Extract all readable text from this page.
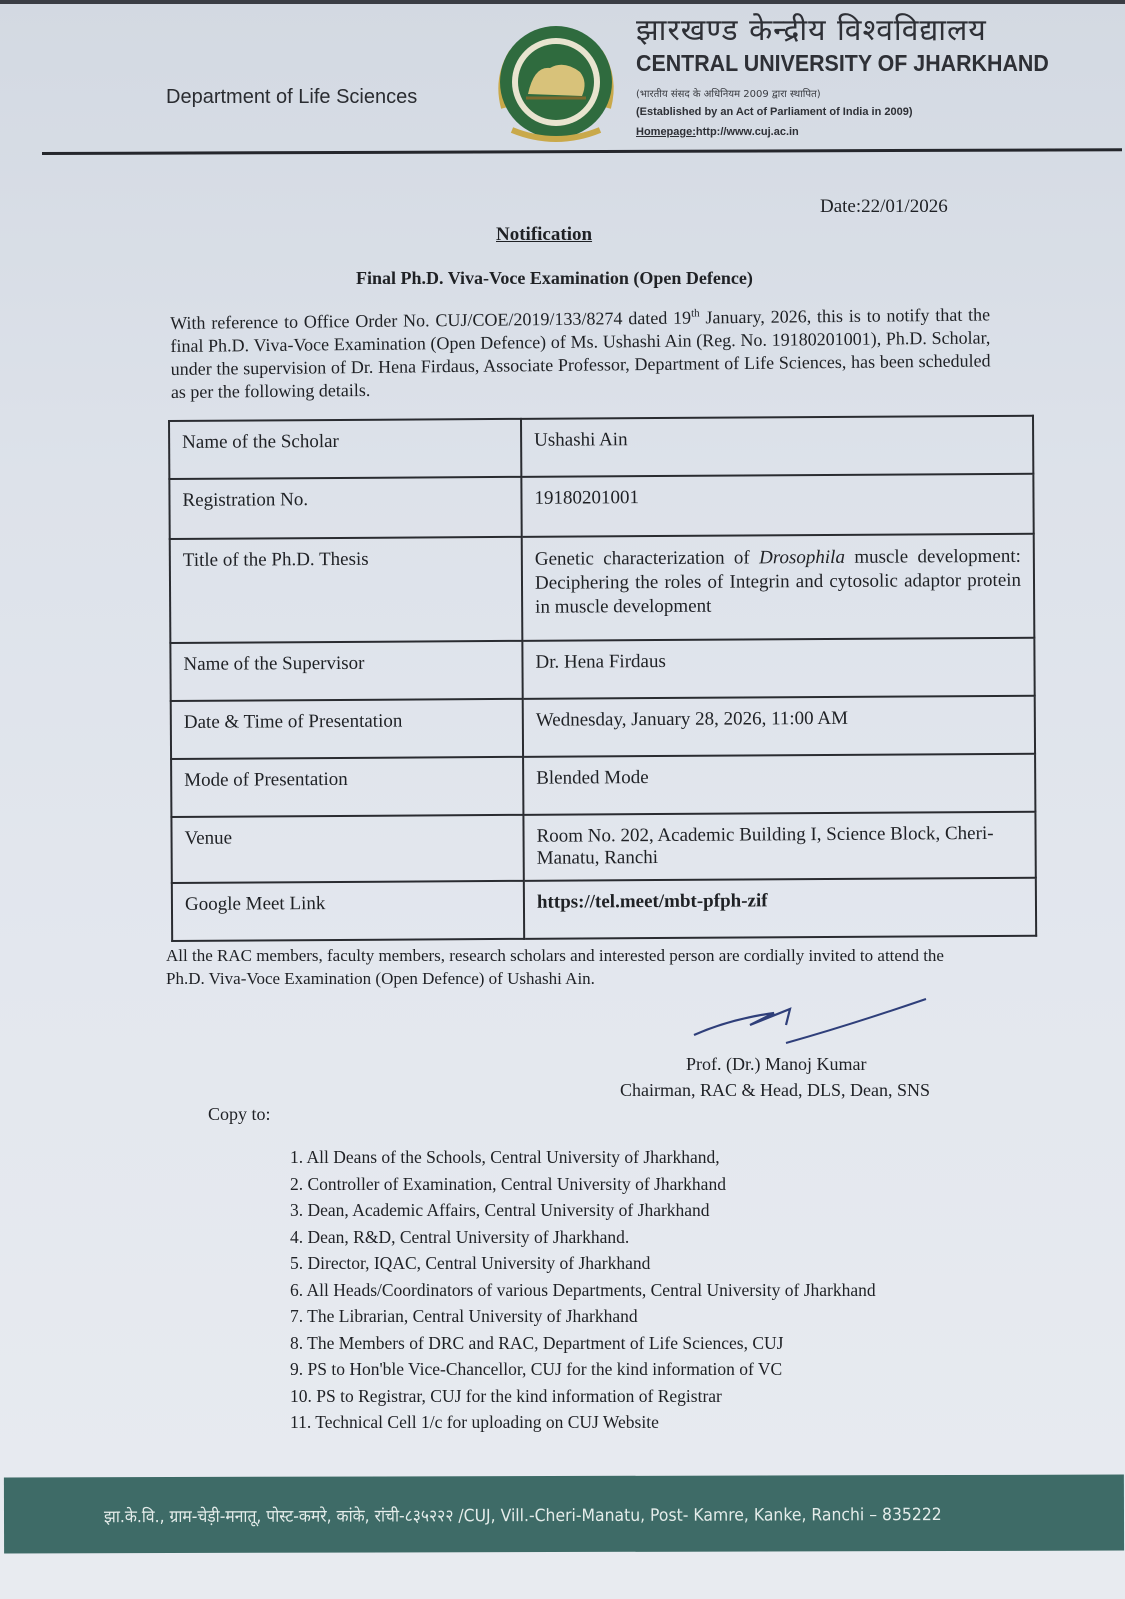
Department of Life Sciences
झारखण्ड केन्द्रीय विश्वविद्यालय
CENTRAL UNIVERSITY OF JHARKHAND
(भारतीय संसद के अधिनियम 2009 द्वारा स्थापित)
(Established by an Act of Parliament of India in 2009)
Homepage:http://www.cuj.ac.in
Date:22/01/2026
Notification
Final Ph.D. Viva-Voce Examination (Open Defence)

With reference to Office Order No. CUJ/COE/2019/133/8274 dated 19th January, 2026, this is to notify that the final Ph.D. Viva-Voce Examination (Open Defence) of Ms. Ushashi Ain (Reg. No. 19180201001), Ph.D. Scholar, under the supervision of Dr. Hena Firdaus, Associate Professor, Department of Life Sciences, has been scheduled as per the following details.

Name of the Scholar	Ushashi Ain
Registration No.	19180201001
Title of the Ph.D. Thesis	Genetic characterization of Drosophila muscle development: Deciphering the roles of Integrin and cytosolic adaptor protein in muscle development
Name of the Supervisor	Dr. Hena Firdaus
Date & Time of Presentation	Wednesday, January 28, 2026, 11:00 AM
Mode of Presentation	Blended Mode
Venue	Room No. 202, Academic Building I, Science Block, Cheri-Manatu, Ranchi
Google Meet Link	https://tel.meet/mbt-pfph-zif

All the RAC members, faculty members, research scholars and interested person are cordially invited to attend the Ph.D. Viva-Voce Examination (Open Defence) of Ushashi Ain.

Prof. (Dr.) Manoj Kumar
Chairman, RAC & Head, DLS, Dean, SNS
Copy to:
1. All Deans of the Schools, Central University of Jharkhand,
2. Controller of Examination, Central University of Jharkhand
3. Dean, Academic Affairs, Central University of Jharkhand
4. Dean, R&D, Central University of Jharkhand.
5. Director, IQAC, Central University of Jharkhand
6. All Heads/Coordinators of various Departments, Central University of Jharkhand
7. The Librarian, Central University of Jharkhand
8. The Members of DRC and RAC, Department of Life Sciences, CUJ
9. PS to Hon'ble Vice-Chancellor, CUJ for the kind information of VC
10. PS to Registrar, CUJ for the kind information of Registrar
11. Technical Cell 1/c for uploading on CUJ Website
झा.के.वि., ग्राम-चेड़ी-मनातू, पोस्ट-कमरे, कांके, रांची-८३५२२२ /CUJ, Vill.-Cheri-Manatu, Post- Kamre, Kanke, Ranchi – 835222
